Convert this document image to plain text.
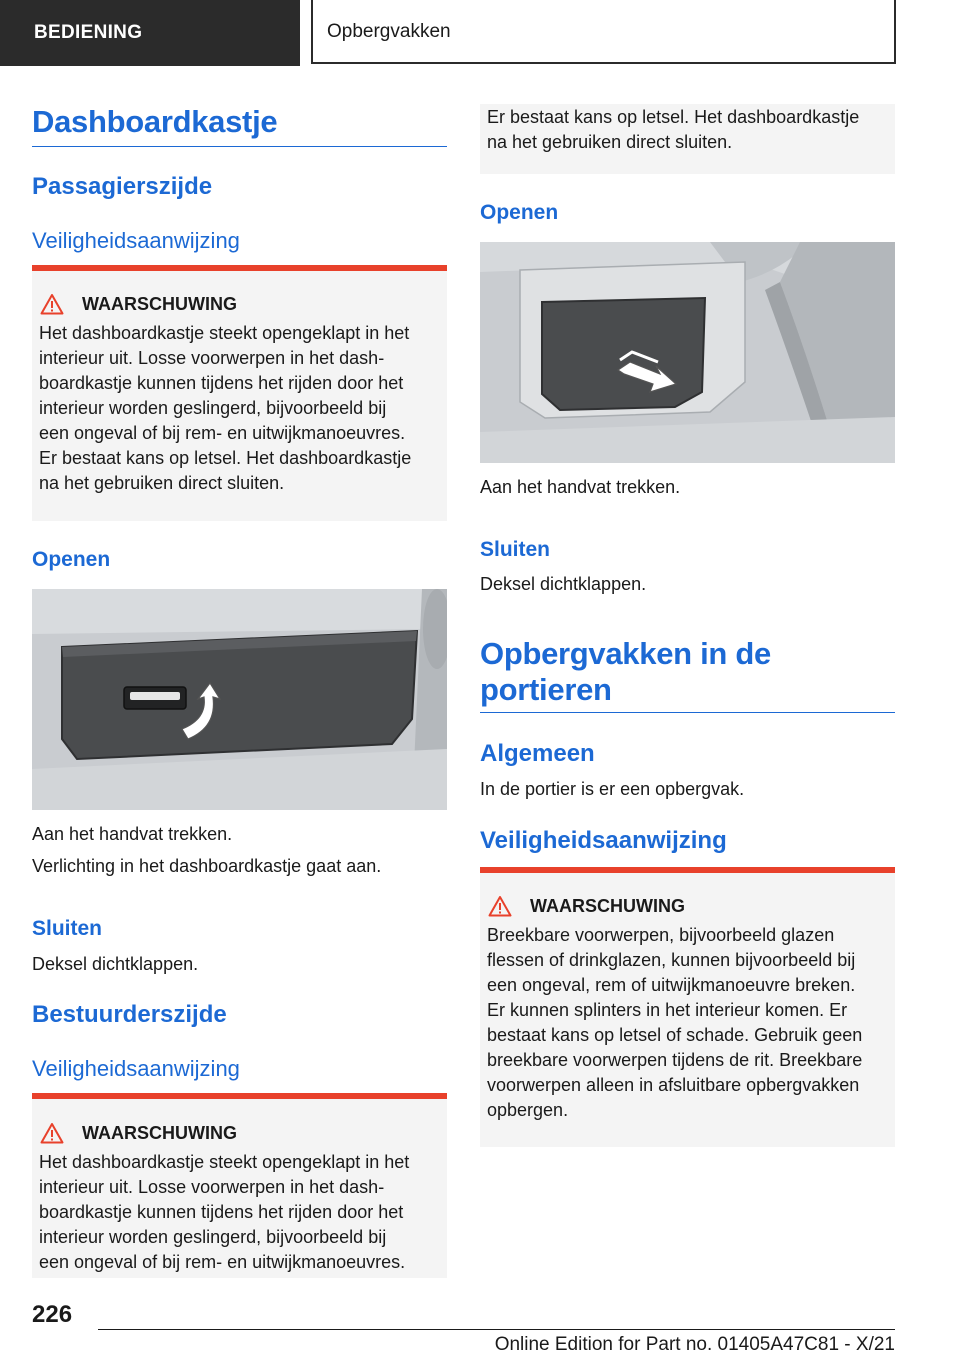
BEDIENING	Opbergvakken
Dashboardkastje
Passagierszijde
Veiligheidsaanwijzing
WAARSCHUWING
Het dashboardkastje steekt opengeklapt in het
interieur uit. Losse voorwerpen in het dash-
boardkastje kunnen tijdens het rijden door het
interieur worden geslingerd, bijvoorbeeld bij
een ongeval of bij rem- en uitwijkmanoeuvres.
Er bestaat kans op letsel. Het dashboardkastje
na het gebruiken direct sluiten.
Openen
Aan het handvat trekken.
Verlichting in het dashboardkastje gaat aan.
Sluiten
Deksel dichtklappen.
Bestuurderszijde
Veiligheidsaanwijzing
WAARSCHUWING
Het dashboardkastje steekt opengeklapt in het
interieur uit. Losse voorwerpen in het dash-
boardkastje kunnen tijdens het rijden door het
interieur worden geslingerd, bijvoorbeeld bij
een ongeval of bij rem- en uitwijkmanoeuvres.
Er bestaat kans op letsel. Het dashboardkastje
na het gebruiken direct sluiten.
Openen
Aan het handvat trekken.
Sluiten
Deksel dichtklappen.
Opbergvakken in de
portieren
Algemeen
In de portier is er een opbergvak.
Veiligheidsaanwijzing
WAARSCHUWING
Breekbare voorwerpen, bijvoorbeeld glazen
flessen of drinkglazen, kunnen bijvoorbeeld bij
een ongeval, rem of uitwijkmanoeuvre breken.
Er kunnen splinters in het interieur komen. Er
bestaat kans op letsel of schade. Gebruik geen
breekbare voorwerpen tijdens de rit. Breekbare
voorwerpen alleen in afsluitbare opbergvakken
opbergen.
226
Online Edition for Part no. 01405A47C81 - X/21
